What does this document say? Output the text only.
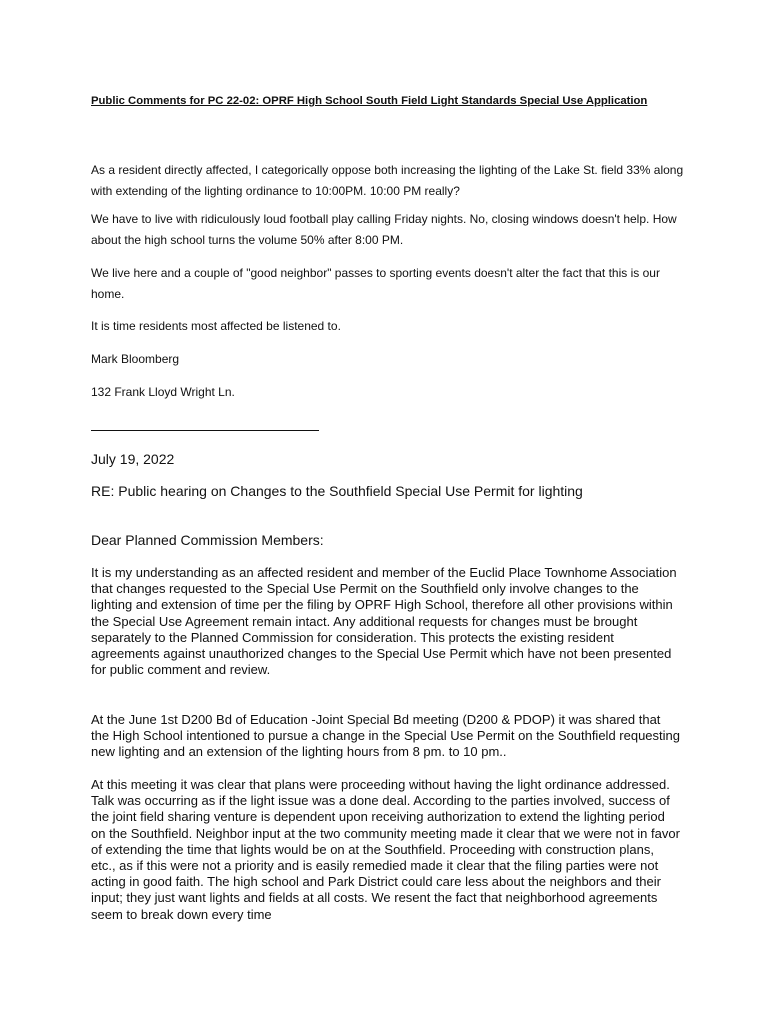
Public Comments for PC 22-02: OPRF High School South Field Light Standards Special Use Application

As a resident directly affected, I categorically oppose both increasing the lighting of the Lake St. field 33% along with extending of the lighting ordinance to 10:00PM. 10:00 PM really?

We have to live with ridiculously loud football play calling Friday nights. No, closing windows doesn't help. How about the high school turns the volume 50% after 8:00 PM.

We live here and a couple of "good neighbor" passes to sporting events doesn't alter the fact that this is our home.

It is time residents most affected be listened to.

Mark Bloomberg

132 Frank Lloyd Wright Ln.

July 19, 2022

RE: Public hearing on Changes to the Southfield Special Use Permit for lighting

Dear Planned Commission Members:

It is my understanding as an affected resident and member of the Euclid Place Townhome Association that changes requested to the Special Use Permit on the Southfield only involve changes to the lighting and extension of time per the filing by OPRF High School, therefore all other provisions within the Special Use Agreement remain intact. Any additional requests for changes must be brought separately to the Planned Commission for consideration. This protects the existing resident agreements against unauthorized changes to the Special Use Permit which have not been presented for public comment and review.

At the June 1st D200 Bd of Education -Joint Special Bd meeting (D200 & PDOP) it was shared that the High School intentioned to pursue a change in the Special Use Permit on the Southfield requesting new lighting and an extension of the lighting hours from 8 pm. to 10 pm..

At this meeting it was clear that plans were proceeding without having the light ordinance addressed. Talk was occurring as if the light issue was a done deal. According to the parties involved, success of the joint field sharing venture is dependent upon receiving authorization to extend the lighting period on the Southfield. Neighbor input at the two community meeting made it clear that we were not in favor of extending the time that lights would be on at the Southfield. Proceeding with construction plans, etc., as if this were not a priority and is easily remedied made it clear that the filing parties were not acting in good faith. The high school and Park District could care less about the neighbors and their input; they just want lights and fields at all costs. We resent the fact that neighborhood agreements seem to break down every time
